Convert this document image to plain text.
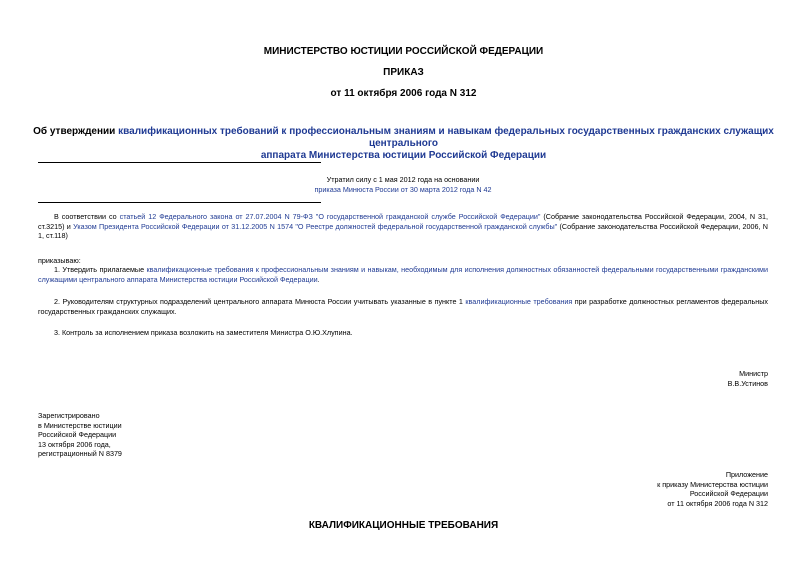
МИНИСТЕРСТВО ЮСТИЦИИ РОССИЙСКОЙ ФЕДЕРАЦИИ
ПРИКАЗ
от 11 октября 2006 года N 312
Об утверждении квалификационных требований к профессиональным знаниям и навыкам федеральных государственных гражданских служащих центрального
аппарата Министерства юстиции Российской Федерации

Утратил силу с 1 мая 2012 года на основании

приказа Минюста России от 30 марта 2012 года N 42

В соответствии со статьей 12 Федерального закона от 27.07.2004 N 79-ФЗ "О государственной гражданской службе Российской Федерации" (Собрание законодательства Российской Федерации, 2004, N 31, ст.3215) и Указом Президента Российской Федерации от 31.12.2005 N 1574 "О Реестре должностей федеральной государственной гражданской службы" (Собрание законодательства Российской Федерации, 2006, N 1, ст.118)
приказываю:
1. Утвердить прилагаемые квалификационные требования к профессиональным знаниям и навыкам, необходимым для исполнения должностных обязанностей федеральными государственными гражданскими служащими центрального аппарата Министерства юстиции Российской Федерации.
2. Руководителям структурных подразделений центрального аппарата Минюста России учитывать указанные в пункте 1 квалификационные требования при разработке должностных регламентов федеральных государственных гражданских служащих.
3. Контроль за исполнением приказа возложить на заместителя Министра О.Ю.Хлупина.

Министр

В.В.Устинов

Зарегистрировано

в Министерстве юстиции

Российской Федерации

13 октября 2006 года,

регистрационный N 8379

Приложение

к приказу Министерства юстиции

Российской Федерации

от 11 октября 2006 года N 312

КВАЛИФИКАЦИОННЫЕ ТРЕБОВАНИЯ
